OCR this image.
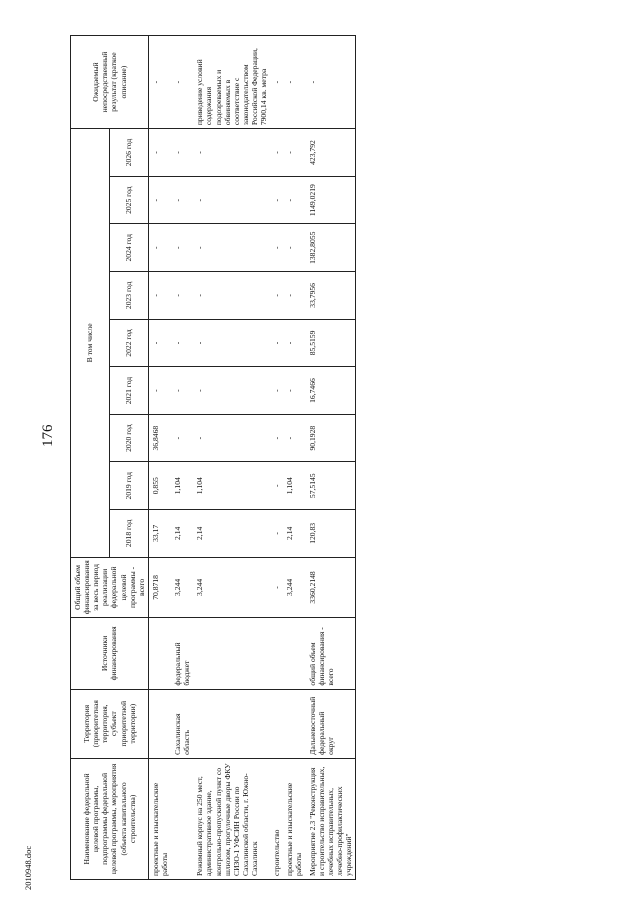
176
2010948.doc
Наименование федеральной целевой программы, подпрограммы федеральной целевой программы, мероприятия (объекта капитального строительства)	Территория (приоритетная территория, субъект приоритетной территории)	Источники финансирования	Общий объем финансирования за весь период реализации федеральной целевой программы - всего	В том числе									Ожидаемый непосредственный результат (краткое описание)
				2018 год	2019 год	2020 год	2021 год	2022 год	2023 год	2024 год	2025 год	2026 год	
проектные и изыскательские работы			70,8718	33,17	0,855	36,8468	-	-	-	-	-	-	-
	Сахалинская область	федеральный бюджет	3,244	2,14	1,104	-	-	-	-	-	-	-	-
Режимный корпус на 250 мест, административное здание, контрольно-пропускной пункт со шлюзом, прогулочные дворы ФКУ СИЗО-1 УФСИН России по Сахалинской области, г. Южно-Сахалинск			3,244	2,14	1,104	-	-	-	-	-	-	-	приведение условий содержания подозреваемых и обвиняемых в соответствие с законодательством Российской Федерации, 7900,14 кв. метра
строительство			-	-	-	-	-	-	-	-	-	-	-
проектные и изыскательские работы			3,244	2,14	1,104	-	-	-	-	-	-	-	-
Мероприятие 2.3 "Реконструкция и строительство исправительных, лечебных исправительных, лечебно-профилактических учреждений"	Дальневосточный федеральный округ	общий объем финансирования - всего	3360,2148	120,83	57,5145	90,1928	16,7466	85,5159	33,7956	1382,8055	1149,0219	423,792	-
